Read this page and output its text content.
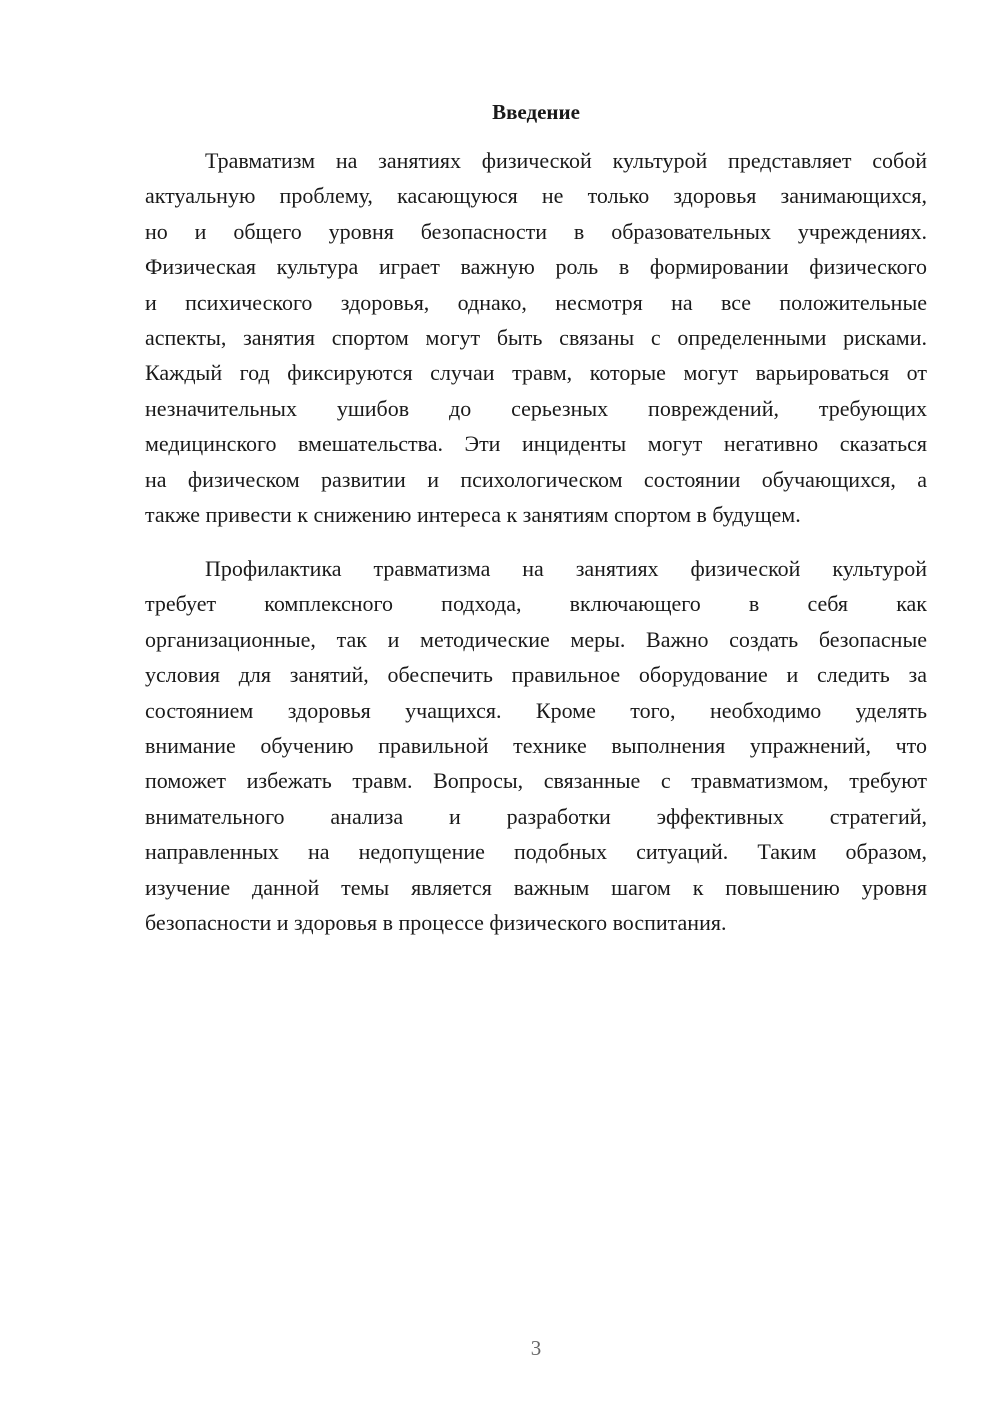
Введение

Травматизм на занятиях физической культурой представляет собой
актуальную проблему, касающуюся не только здоровья занимающихся,
но и общего уровня безопасности в образовательных учреждениях.
Физическая культура играет важную роль в формировании физического
и психического здоровья, однако, несмотря на все положительные
аспекты, занятия спортом могут быть связаны с определенными рисками.
Каждый год фиксируются случаи травм, которые могут варьироваться от
незначительных ушибов до серьезных повреждений, требующих
медицинского вмешательства. Эти инциденты могут негативно сказаться
на физическом развитии и психологическом состоянии обучающихся, а
также привести к снижению интереса к занятиям спортом в будущем.

Профилактика травматизма на занятиях физической культурой
требует комплексного подхода, включающего в себя как
организационные, так и методические меры. Важно создать безопасные
условия для занятий, обеспечить правильное оборудование и следить за
состоянием здоровья учащихся. Кроме того, необходимо уделять
внимание обучению правильной технике выполнения упражнений, что
поможет избежать травм. Вопросы, связанные с травматизмом, требуют
внимательного анализа и разработки эффективных стратегий,
направленных на недопущение подобных ситуаций. Таким образом,
изучение данной темы является важным шагом к повышению уровня
безопасности и здоровья в процессе физического воспитания.

3
